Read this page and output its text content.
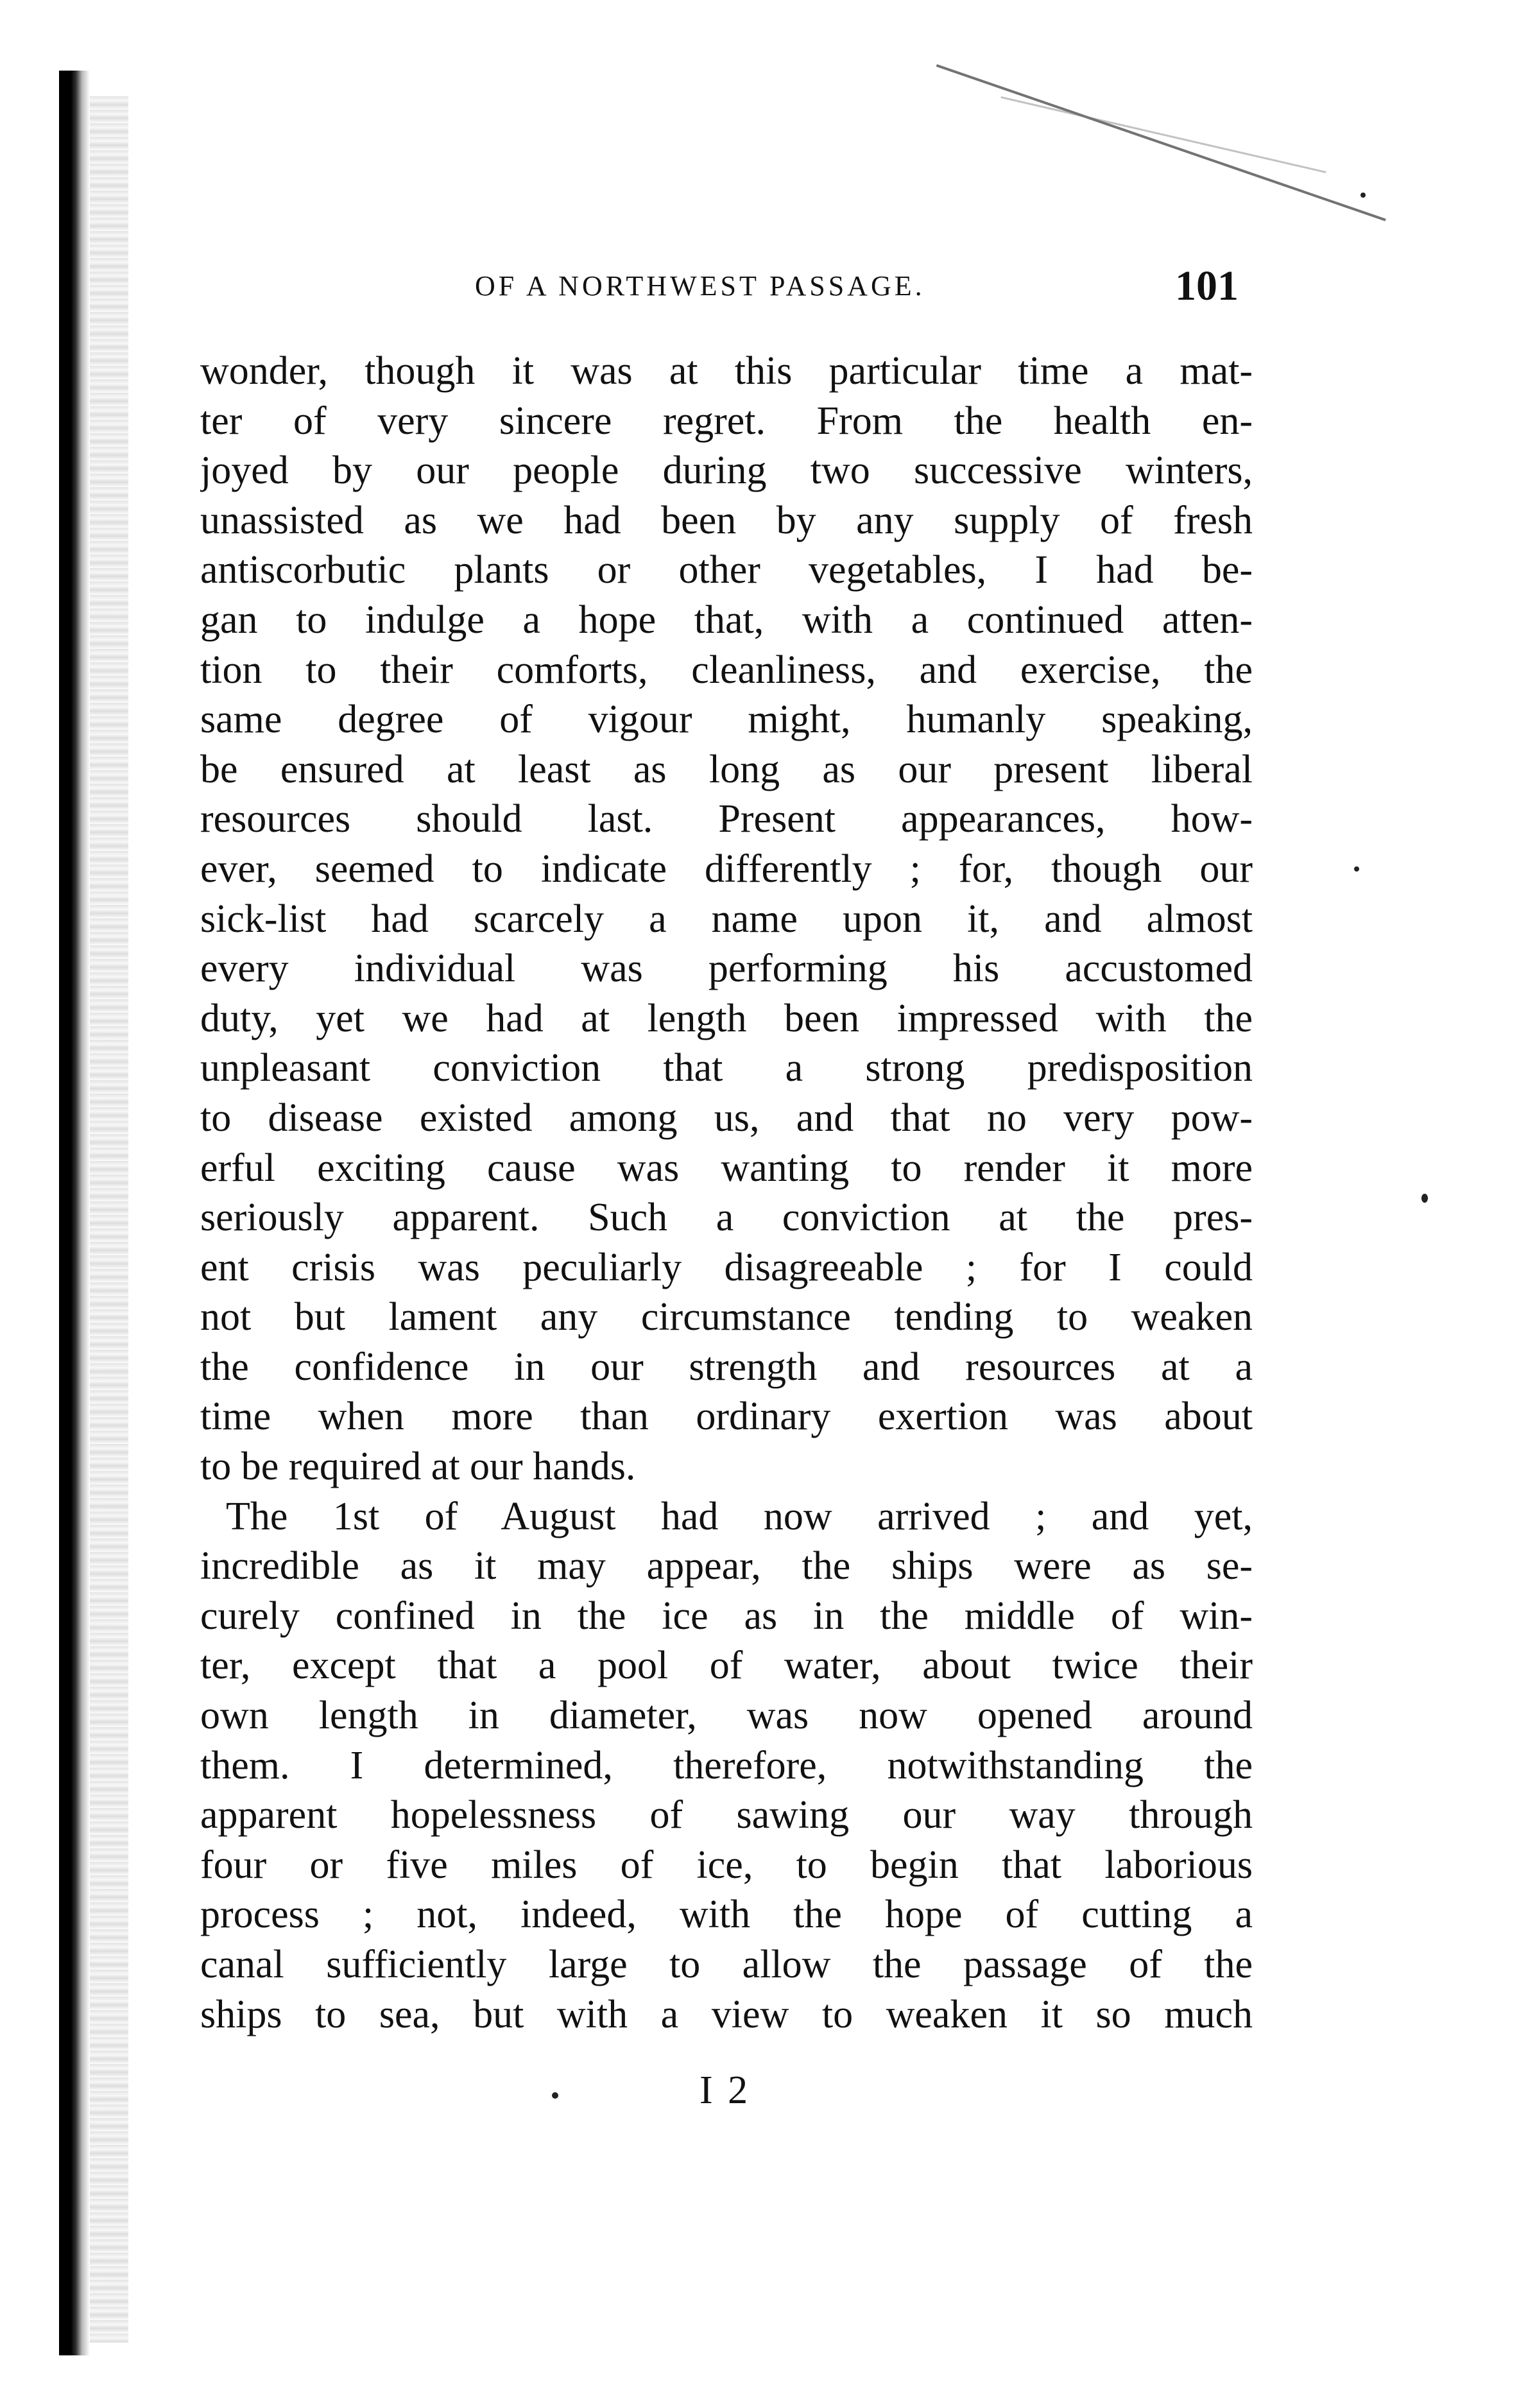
OF A NORTHWEST PASSAGE.	101
wonder, though it was at this particular time a mat-
ter of very sincere regret. From the health en-
joyed by our people during two successive winters,
unassisted as we had been by any supply of fresh
antiscorbutic plants or other vegetables, I had be-
gan to indulge a hope that, with a continued atten-
tion to their comforts, cleanliness, and exercise, the
same degree of vigour might, humanly speaking,
be ensured at least as long as our present liberal
resources should last. Present appearances, how-
ever, seemed to indicate differently ; for, though our
sick-list had scarcely a name upon it, and almost
every individual was performing his accustomed
duty, yet we had at length been impressed with the
unpleasant conviction that a strong predisposition
to disease existed among us, and that no very pow-
erful exciting cause was wanting to render it more
seriously apparent. Such a conviction at the pres-
ent crisis was peculiarly disagreeable ; for I could
not but lament any circumstance tending to weaken
the confidence in our strength and resources at a
time when more than ordinary exertion was about
to be required at our hands.
The 1st of August had now arrived ; and yet,
incredible as it may appear, the ships were as se-
curely confined in the ice as in the middle of win-
ter, except that a pool of water, about twice their
own length in diameter, was now opened around
them. I determined, therefore, notwithstanding the
apparent hopelessness of sawing our way through
four or five miles of ice, to begin that laborious
process ; not, indeed, with the hope of cutting a
canal sufficiently large to allow the passage of the
ships to sea, but with a view to weaken it so much
I 2
